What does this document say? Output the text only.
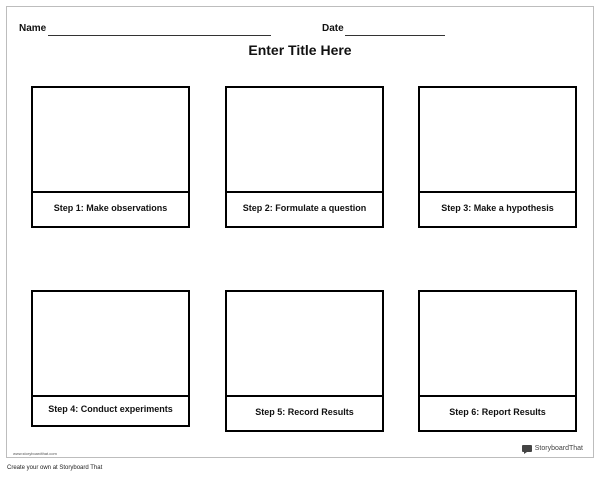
Name	Date
Enter Title Here
Step 1: Make observations	Step 2: Formulate a question	Step 3: Make a hypothesis
Step 4: Conduct experiments	Step 5: Record Results	Step 6: Report Results
www.storyboardthat.com
StoryboardThat
Create your own at Storyboard That
